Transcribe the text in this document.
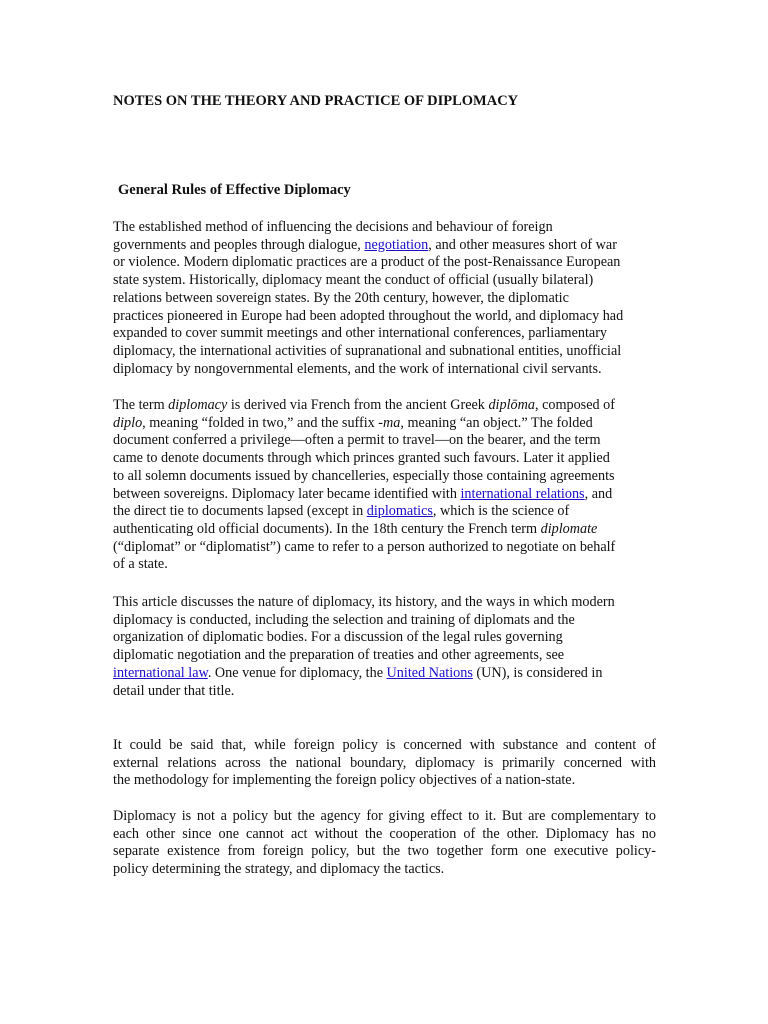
NOTES ON THE THEORY AND PRACTICE OF DIPLOMACY
General Rules of Effective Diplomacy
The established method of influencing the decisions and behaviour of foreign
governments and peoples through dialogue, negotiation, and other measures short of war
or violence. Modern diplomatic practices are a product of the post-Renaissance European
state system. Historically, diplomacy meant the conduct of official (usually bilateral)
relations between sovereign states. By the 20th century, however, the diplomatic
practices pioneered in Europe had been adopted throughout the world, and diplomacy had
expanded to cover summit meetings and other international conferences, parliamentary
diplomacy, the international activities of supranational and subnational entities, unofficial
diplomacy by nongovernmental elements, and the work of international civil servants.
The term diplomacy is derived via French from the ancient Greek diplōma, composed of
diplo, meaning “folded in two,” and the suffix -ma, meaning “an object.” The folded
document conferred a privilege—often a permit to travel—on the bearer, and the term
came to denote documents through which princes granted such favours. Later it applied
to all solemn documents issued by chancelleries, especially those containing agreements
between sovereigns. Diplomacy later became identified with international relations, and
the direct tie to documents lapsed (except in diplomatics, which is the science of
authenticating old official documents). In the 18th century the French term diplomate
(“diplomat” or “diplomatist”) came to refer to a person authorized to negotiate on behalf
of a state.
This article discusses the nature of diplomacy, its history, and the ways in which modern
diplomacy is conducted, including the selection and training of diplomats and the
organization of diplomatic bodies. For a discussion of the legal rules governing
diplomatic negotiation and the preparation of treaties and other agreements, see
international law. One venue for diplomacy, the United Nations (UN), is considered in
detail under that title.
It could be said that, while foreign policy is concerned with substance and content of
external relations across the national boundary, diplomacy is primarily concerned with
the methodology for implementing the foreign policy objectives of a nation-state.
Diplomacy is not a policy but the agency for giving effect to it. But are complementary to
each other since one cannot act without the cooperation of the other. Diplomacy has no
separate existence from foreign policy, but the two together form one executive policy-
policy determining the strategy, and diplomacy the tactics.
